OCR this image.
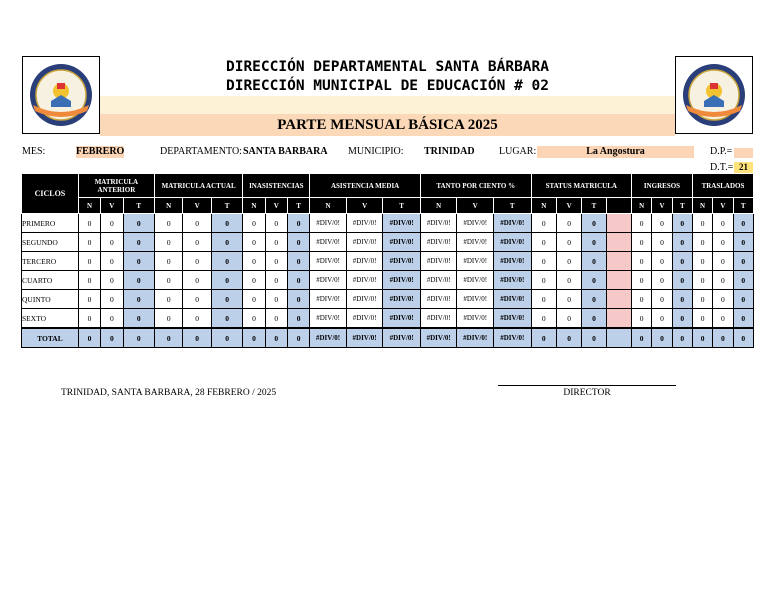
DIRECCIÓN DEPARTAMENTAL SANTA BÁRBARA
DIRECCIÓN MUNICIPAL DE EDUCACIÓN # 02
PARTE MENSUAL BÁSICA 2025
MES:	FEBRERO	DEPARTAMENTO: SANTA BARBARA MUNICIPIO: TRINIDAD LUGAR:	La Angostura	D.P.=
D.T.= 21
CICLOS	MATRICULA ANTERIOR			MATRICULA ACTUAL			INASISTENCIAS			ASISTENCIA MEDIA			TANTO POR CIENTO %			STATUS MATRICULA				INGRESOS			TRASLADOS		
	N	V	T	N	V	T	N	V	T	N	V	T	N	V	T	N	V	T		N	V	T	N	V	T
PRIMERO	0	0	0	0	0	0	0	0	0	#DIV/0!	#DIV/0!	#DIV/0!	#DIV/0!	#DIV/0!	#DIV/0!	0	0	0		0	0	0	0	0	0
SEGUNDO	0	0	0	0	0	0	0	0	0	#DIV/0!	#DIV/0!	#DIV/0!	#DIV/0!	#DIV/0!	#DIV/0!	0	0	0		0	0	0	0	0	0
TERCERO	0	0	0	0	0	0	0	0	0	#DIV/0!	#DIV/0!	#DIV/0!	#DIV/0!	#DIV/0!	#DIV/0!	0	0	0		0	0	0	0	0	0
CUARTO	0	0	0	0	0	0	0	0	0	#DIV/0!	#DIV/0!	#DIV/0!	#DIV/0!	#DIV/0!	#DIV/0!	0	0	0		0	0	0	0	0	0
QUINTO	0	0	0	0	0	0	0	0	0	#DIV/0!	#DIV/0!	#DIV/0!	#DIV/0!	#DIV/0!	#DIV/0!	0	0	0		0	0	0	0	0	0
SEXTO	0	0	0	0	0	0	0	0	0	#DIV/0!	#DIV/0!	#DIV/0!	#DIV/0!	#DIV/0!	#DIV/0!	0	0	0		0	0	0	0	0	0
TOTAL	0	0	0	0	0	0	0	0	0	#DIV/0!	#DIV/0!	#DIV/0!	#DIV/0!	#DIV/0!	#DIV/0!	0	0	0		0	0	0	0	0	0
TRINIDAD, SANTA BARBARA, 28 FEBRERO / 2025	DIRECTOR
